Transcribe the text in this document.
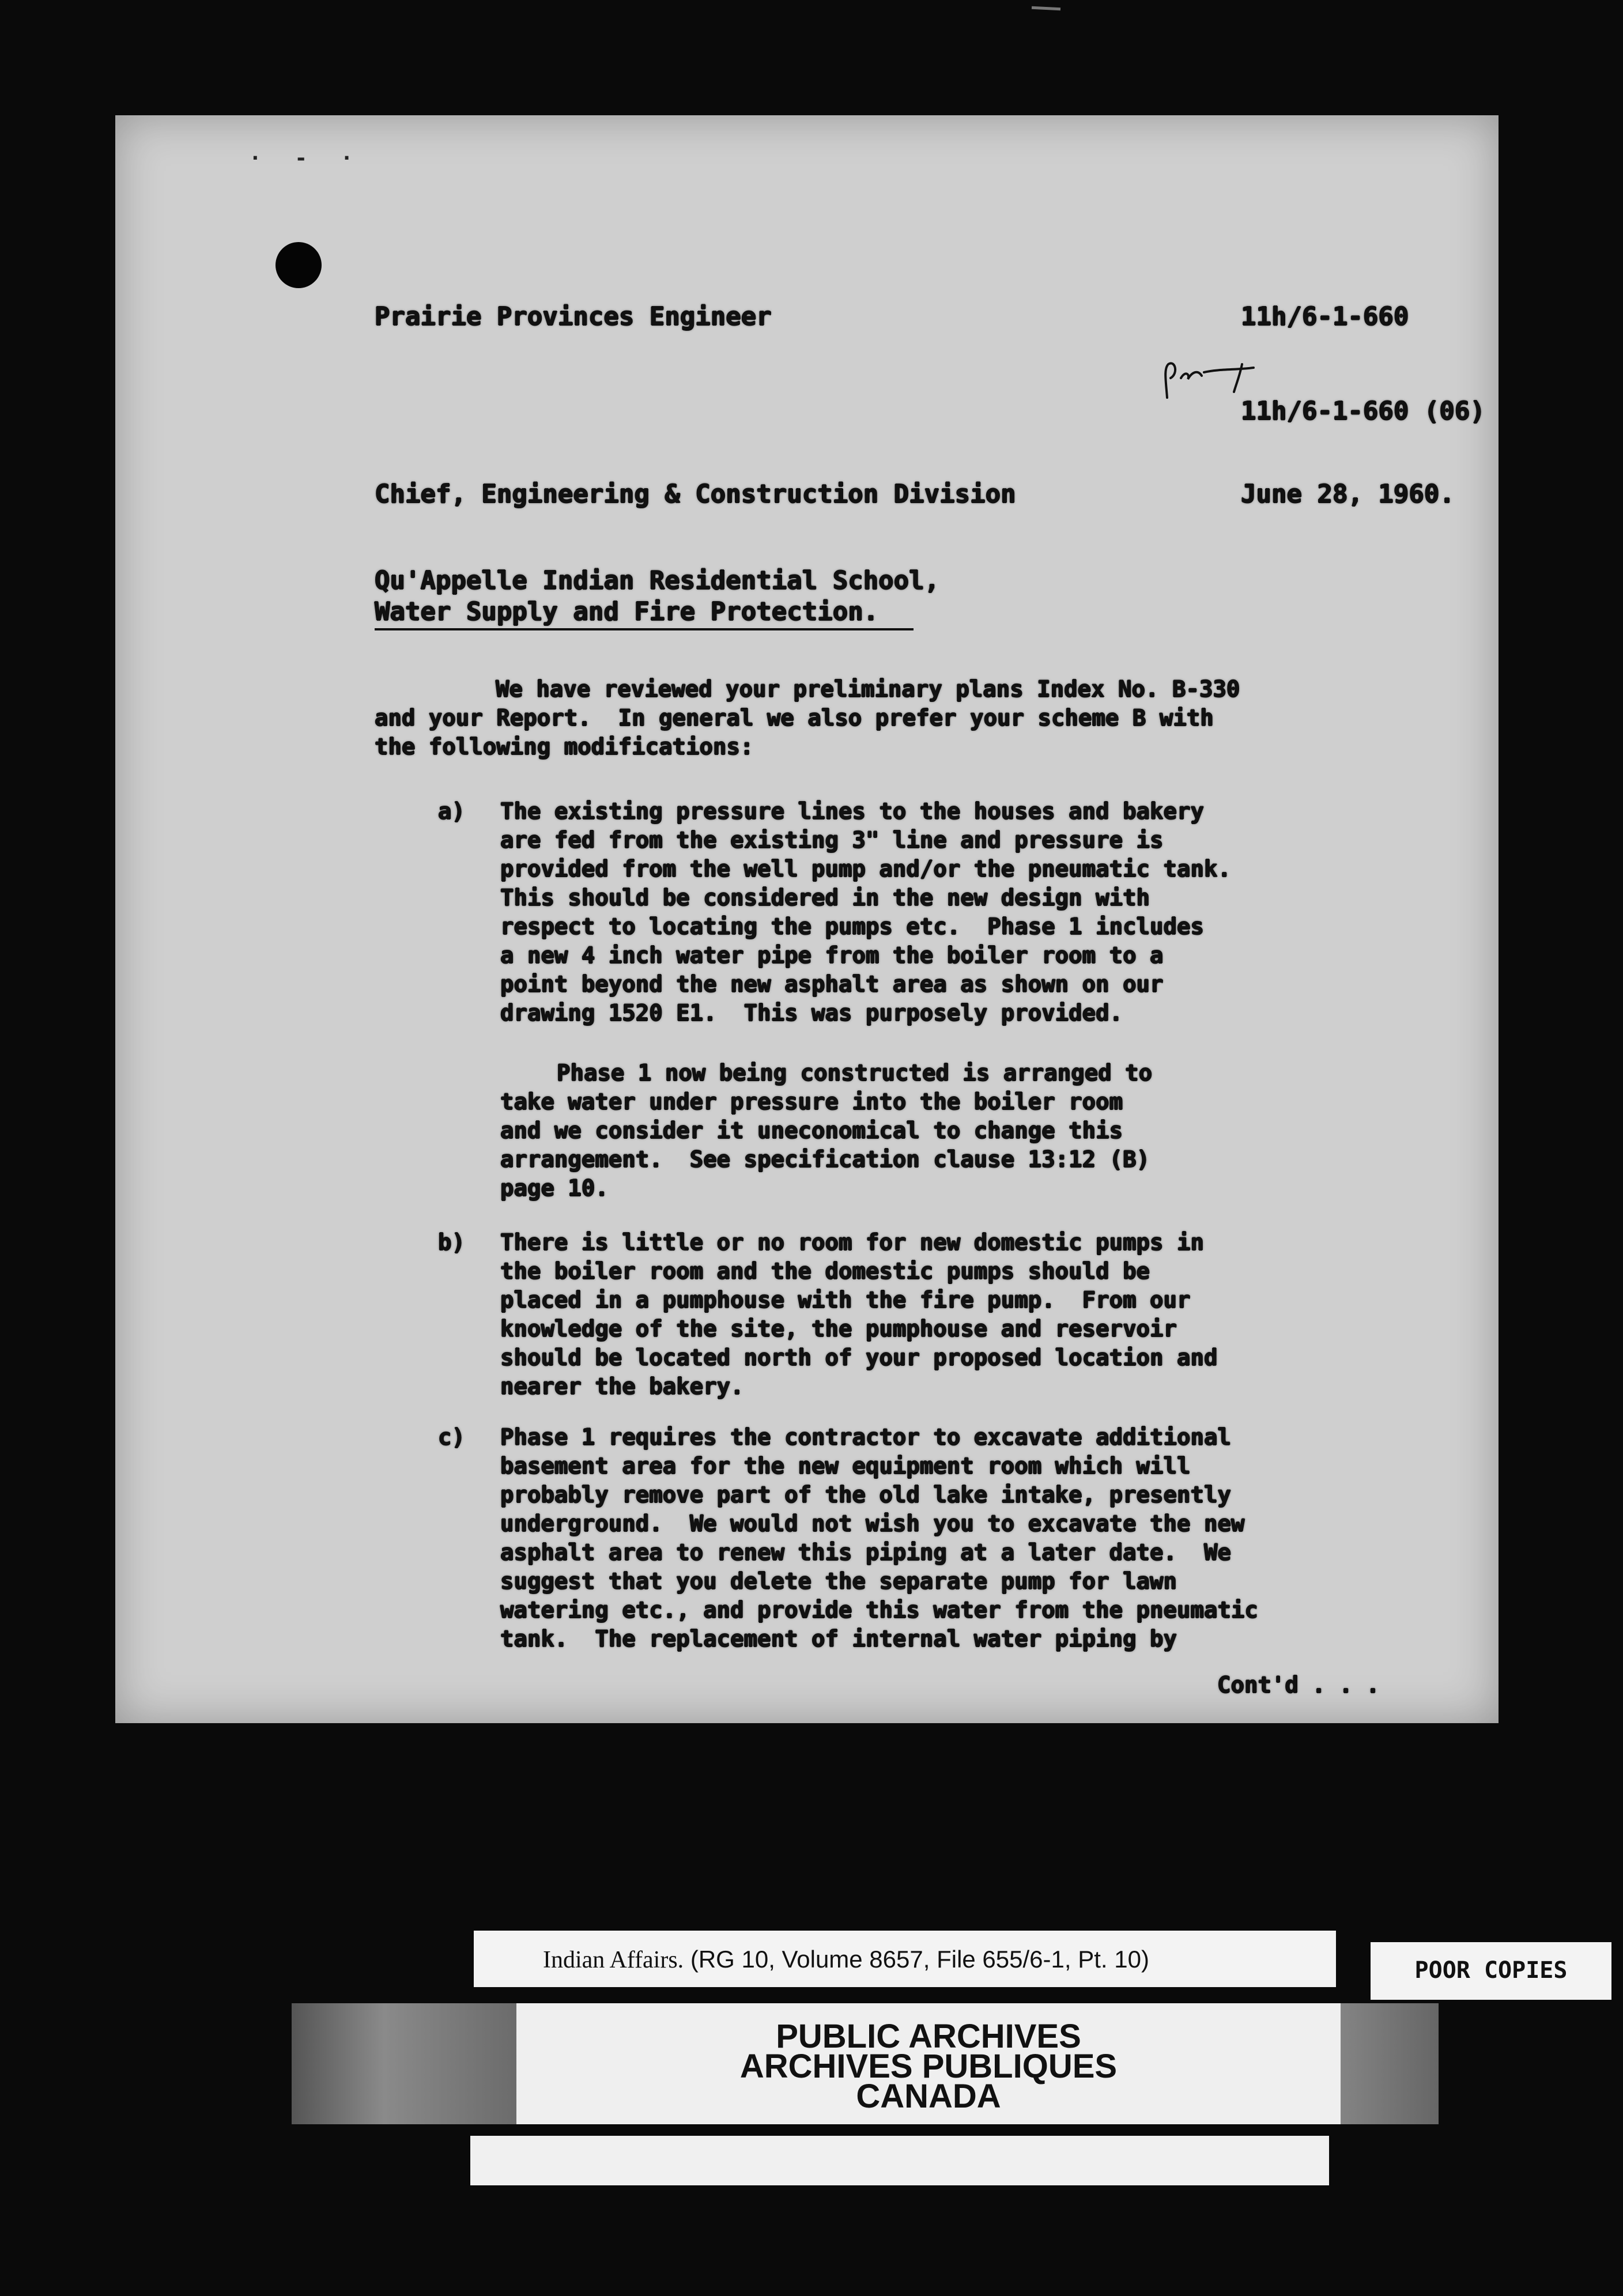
· - ·
Prairie Provinces Engineer	11h/6-1-660
11h/6-1-660 (06)
Chief, Engineering & Construction Division	June 28, 1960.
Qu'Appelle Indian Residential School,
Water Supply and Fire Protection.
We have reviewed your preliminary plans Index No. B-330
and your Report.  In general we also prefer your scheme B with
the following modifications:
a) The existing pressure lines to the houses and bakery
are fed from the existing 3" line and pressure is
provided from the well pump and/or the pneumatic tank.
This should be considered in the new design with
respect to locating the pumps etc.  Phase 1 includes
a new 4 inch water pipe from the boiler room to a
point beyond the new asphalt area as shown on our
drawing 1520 E1.  This was purposely provided.
Phase 1 now being constructed is arranged to
take water under pressure into the boiler room
and we consider it uneconomical to change this
arrangement.  See specification clause 13:12 (B)
page 10.
b) There is little or no room for new domestic pumps in
the boiler room and the domestic pumps should be
placed in a pumphouse with the fire pump.  From our
knowledge of the site, the pumphouse and reservoir
should be located north of your proposed location and
nearer the bakery.
c) Phase 1 requires the contractor to excavate additional
basement area for the new equipment room which will
probably remove part of the old lake intake, presently
underground.  We would not wish you to excavate the new
asphalt area to renew this piping at a later date.  We
suggest that you delete the separate pump for lawn
watering etc., and provide this water from the pneumatic
tank.  The replacement of internal water piping by
Cont'd . . .
Indian Affairs. (RG 10, Volume 8657, File 655/6-1, Pt. 10)	POOR COPIES
PUBLIC ARCHIVES
ARCHIVES PUBLIQUES
CANADA
